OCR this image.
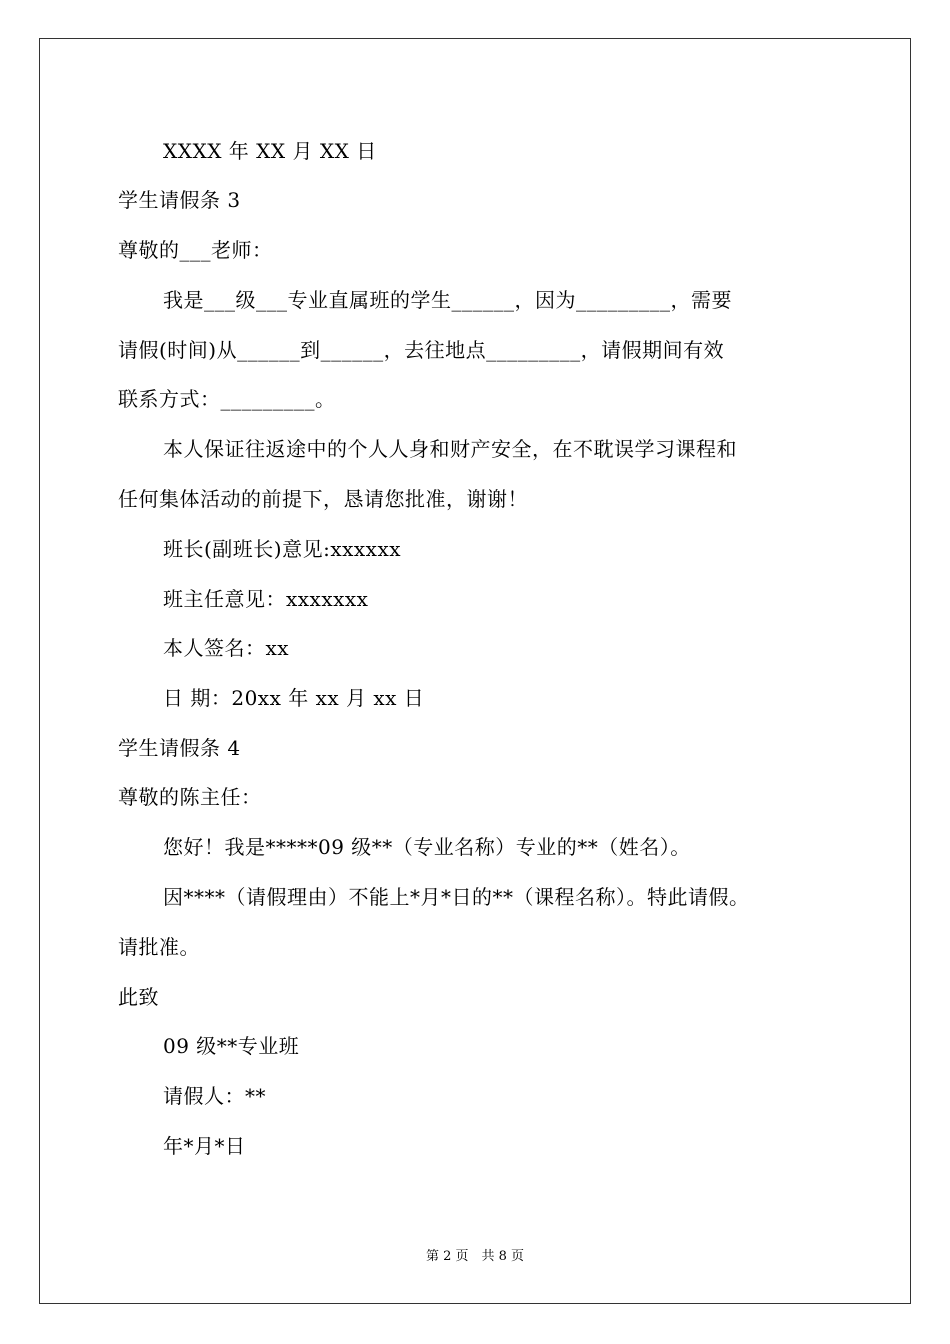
XXXX 年 XX 月 XX 日
学生请假条 3
尊敬的___老师：
我是___级___专业直属班的学生______，因为_________，需要
请假(时间)从______到______，去往地点_________，请假期间有效
联系方式：_________。
本人保证往返途中的个人人身和财产安全，在不耽误学习课程和
任何集体活动的前提下，恳请您批准，谢谢！
班长(副班长)意见:xxxxxx
班主任意见：xxxxxxx
本人签名：xx
日 期：20xx 年 xx 月 xx 日
学生请假条 4
尊敬的陈主任：
您好！我是*****09 级**（专业名称）专业的**（姓名）。
因****（请假理由）不能上*月*日的**（课程名称）。特此请假。
请批准。
此致
09 级**专业班
请假人：**
年*月*日
第 2 页　共 8 页
